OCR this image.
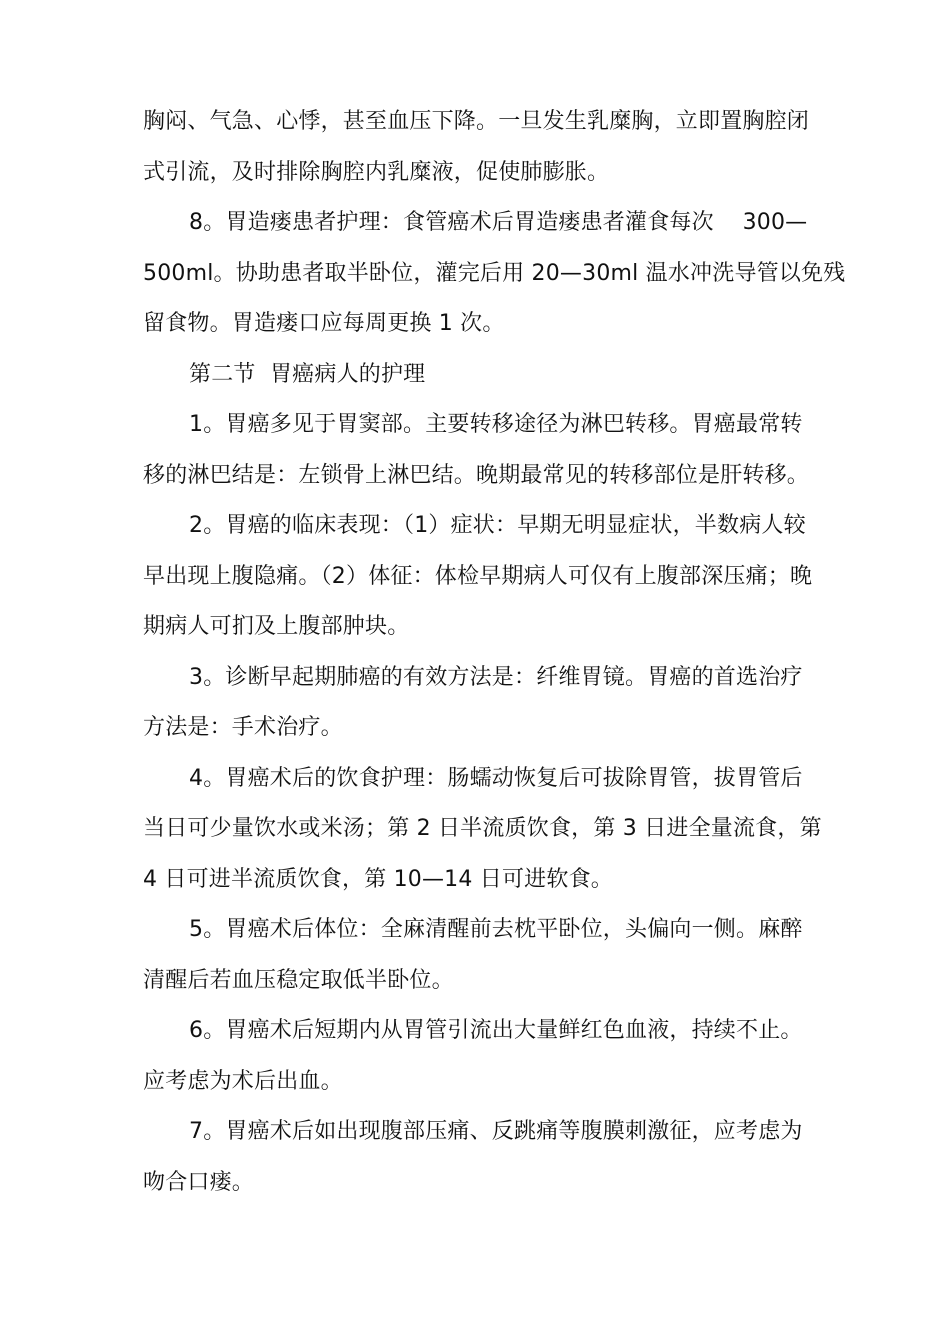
胸闷、气急、心悸，甚至血压下降。一旦发生乳糜胸，立即置胸腔闭
式引流，及时排除胸腔内乳糜液，促使肺膨胀。
8。胃造瘘患者护理：食管癌术后胃造瘘患者灌食每次    300—
500ml。协助患者取半卧位，灌完后用 20—30ml 温水冲洗导管以免残
留食物。胃造瘘口应每周更换 1 次。
第二节  胃癌病人的护理
1。胃癌多见于胃窦部。主要转移途径为淋巴转移。胃癌最常转
移的淋巴结是：左锁骨上淋巴结。晚期最常见的转移部位是肝转移。
2。胃癌的临床表现：（1）症状：早期无明显症状，半数病人较
早出现上腹隐痛。（2）体征：体检早期病人可仅有上腹部深压痛；晚
期病人可扪及上腹部肿块。
3。诊断早起期肺癌的有效方法是：纤维胃镜。胃癌的首选治疗
方法是：手术治疗。
4。胃癌术后的饮食护理：肠蠕动恢复后可拔除胃管，拔胃管后
当日可少量饮水或米汤；第 2 日半流质饮食，第 3 日进全量流食，第
4 日可进半流质饮食，第 10—14 日可进软食。
5。胃癌术后体位：全麻清醒前去枕平卧位，头偏向一侧。麻醉
清醒后若血压稳定取低半卧位。
6。胃癌术后短期内从胃管引流出大量鲜红色血液，持续不止。
应考虑为术后出血。
7。胃癌术后如出现腹部压痛、反跳痛等腹膜刺激征，应考虑为
吻合口瘘。
